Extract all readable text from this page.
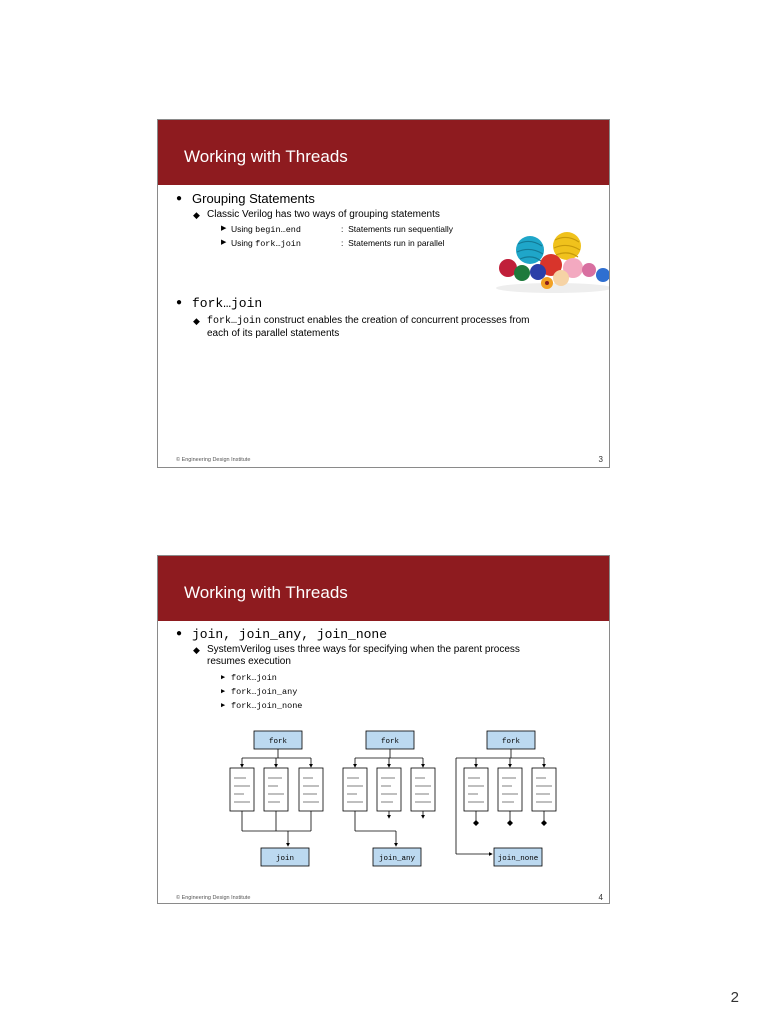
Working with Threads
● Grouping Statements
◆ Classic Verilog has two ways of grouping statements
▶ Using begin…end	: Statements run sequentially
▶ Using fork…join	: Statements run in parallel
● fork…join
◆ fork…join construct enables the creation of concurrent processes from
each of its parallel statements
© Engineering Design Institute	3
Working with Threads
● join, join_any, join_none
◆ SystemVerilog uses three ways for specifying when the parent process
resumes execution
▶ fork…join
▶ fork…join_any
▶ fork…join_none
fork
join
fork
join_any
fork
join_none
© Engineering Design Institute	4
2
